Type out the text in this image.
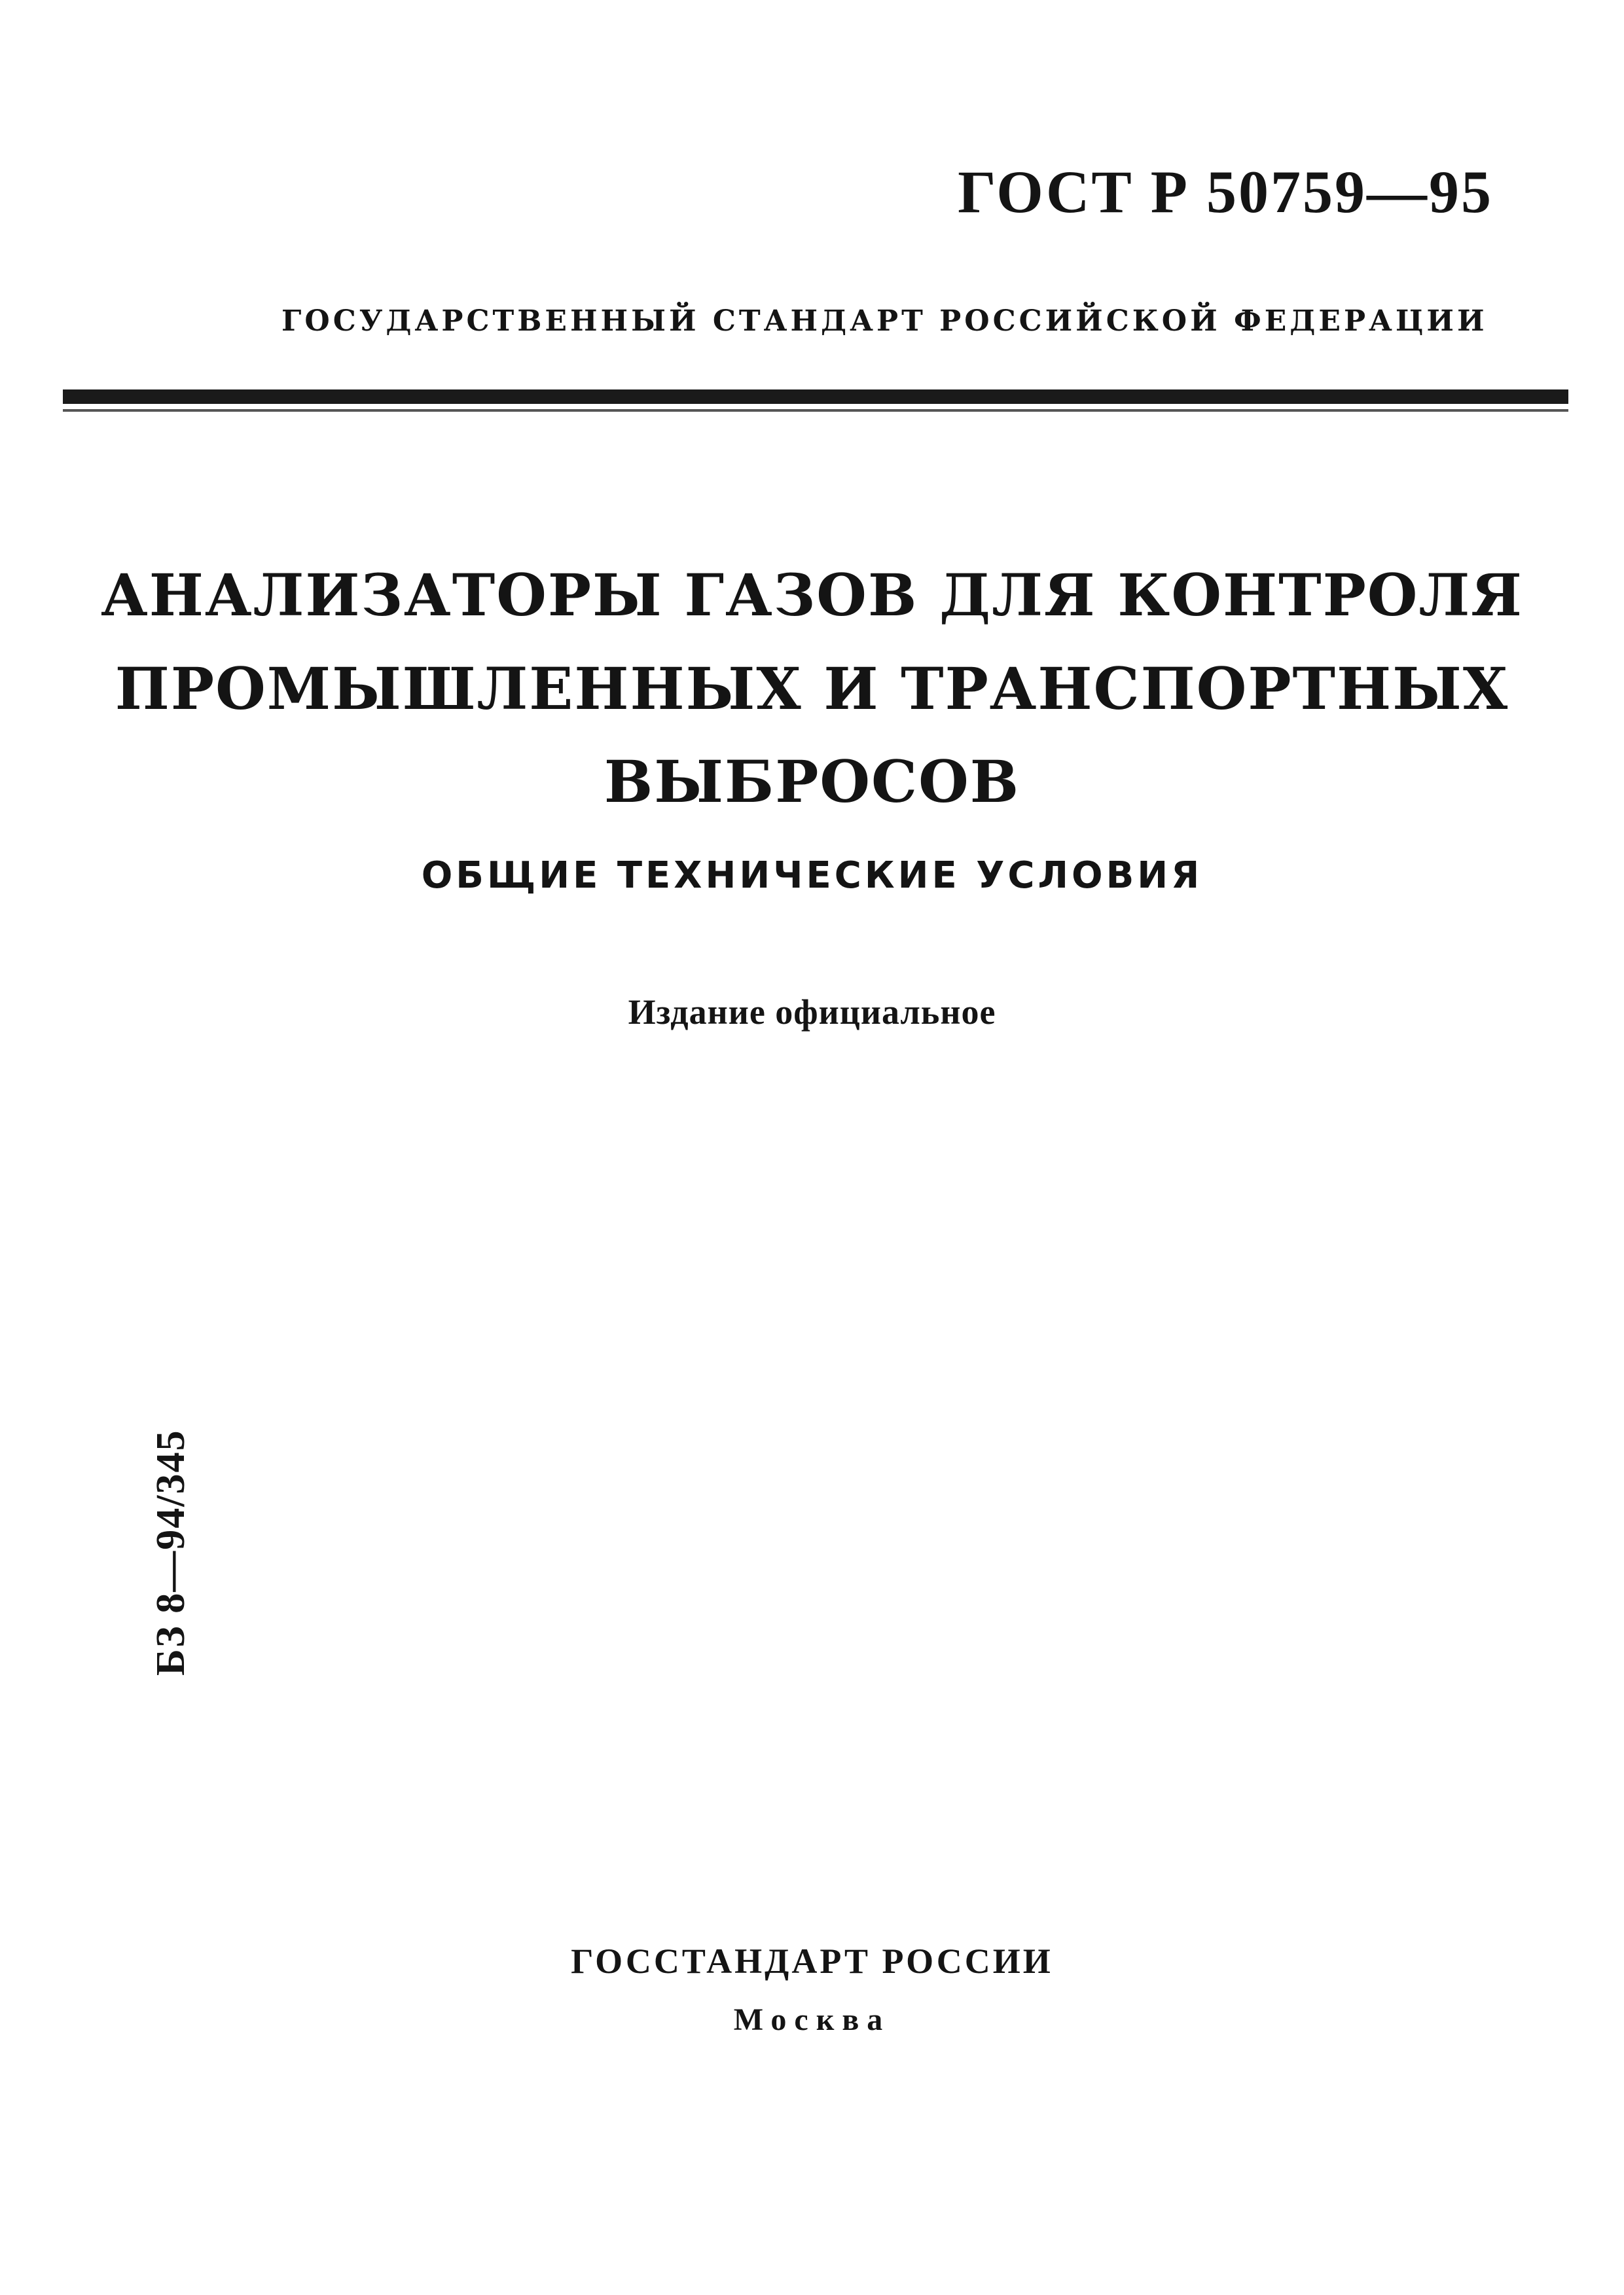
ГОСТ Р 50759—95
ГОСУДАРСТВЕННЫЙ СТАНДАРТ РОССИЙСКОЙ ФЕДЕРАЦИИ
АНАЛИЗАТОРЫ ГАЗОВ ДЛЯ КОНТРОЛЯ
ПРОМЫШЛЕННЫХ И ТРАНСПОРТНЫХ
ВЫБРОСОВ
ОБЩИЕ ТЕХНИЧЕСКИЕ УСЛОВИЯ
Издание официальное
БЗ 8—94/345
ГОССТАНДАРТ РОССИИ
Москва
